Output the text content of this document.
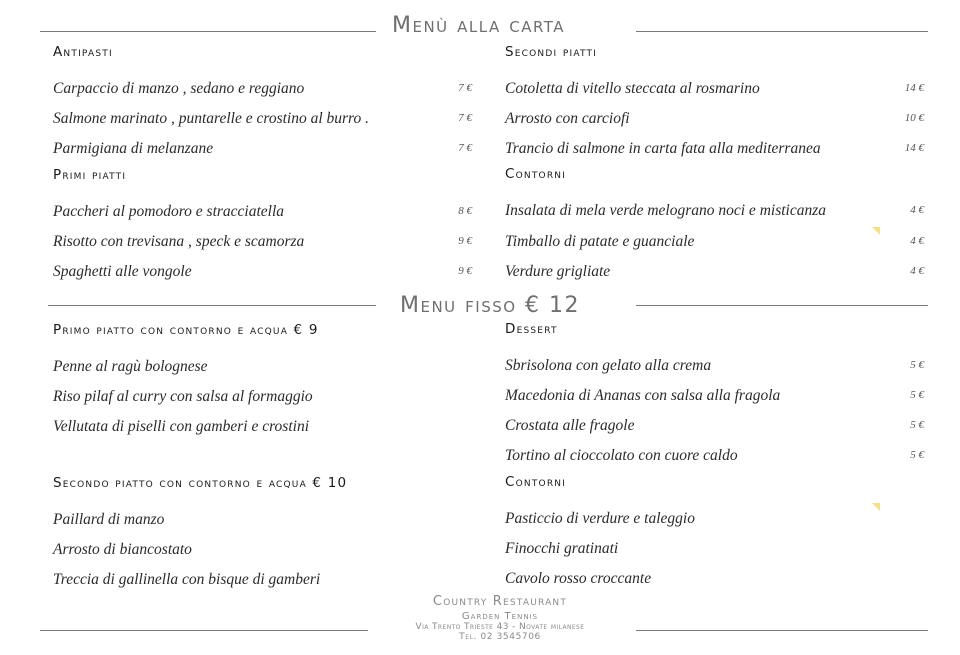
Menù alla carta
Antipasti
Carpaccio di manzo , sedano e reggiano	7 €
Salmone marinato , puntarelle e crostino al burro .	7 €
Parmigiana di melanzane	7 €
Primi piatti
Paccheri al pomodoro e stracciatella	8 €
Risotto con trevisana , speck e scamorza	9 €
Spaghetti alle vongole	9 €
Secondi piatti
Cotoletta di vitello steccata al rosmarino	14 €
Arrosto con carciofi	10 €
Trancio di salmone in carta fata alla mediterranea	14 €
Contorni
Insalata di mela verde melograno noci e misticanza	4 €
Timballo di patate e guanciale	4 €
Verdure grigliate	4 €
Menu fisso € 12
Primo piatto con contorno e acqua € 9
Penne al ragù bolognese
Riso pilaf al curry con salsa al formaggio
Vellutata di piselli con gamberi e crostini
Secondo piatto con contorno e acqua € 10
Paillard di manzo
Arrosto di biancostato
Treccia di gallinella con bisque di gamberi
Dessert
Sbrisolona con gelato alla crema	5 €
Macedonia di Ananas con salsa alla fragola	5 €
Crostata alle fragole	5 €
Tortino al cioccolato con cuore caldo	5 €
Contorni
Pasticcio di verdure e taleggio
Finocchi gratinati
Cavolo rosso croccante
Country Restaurant
Garden Tennis
Via Trento Trieste 43 - Novate milanese
Tel. 02 3545706
